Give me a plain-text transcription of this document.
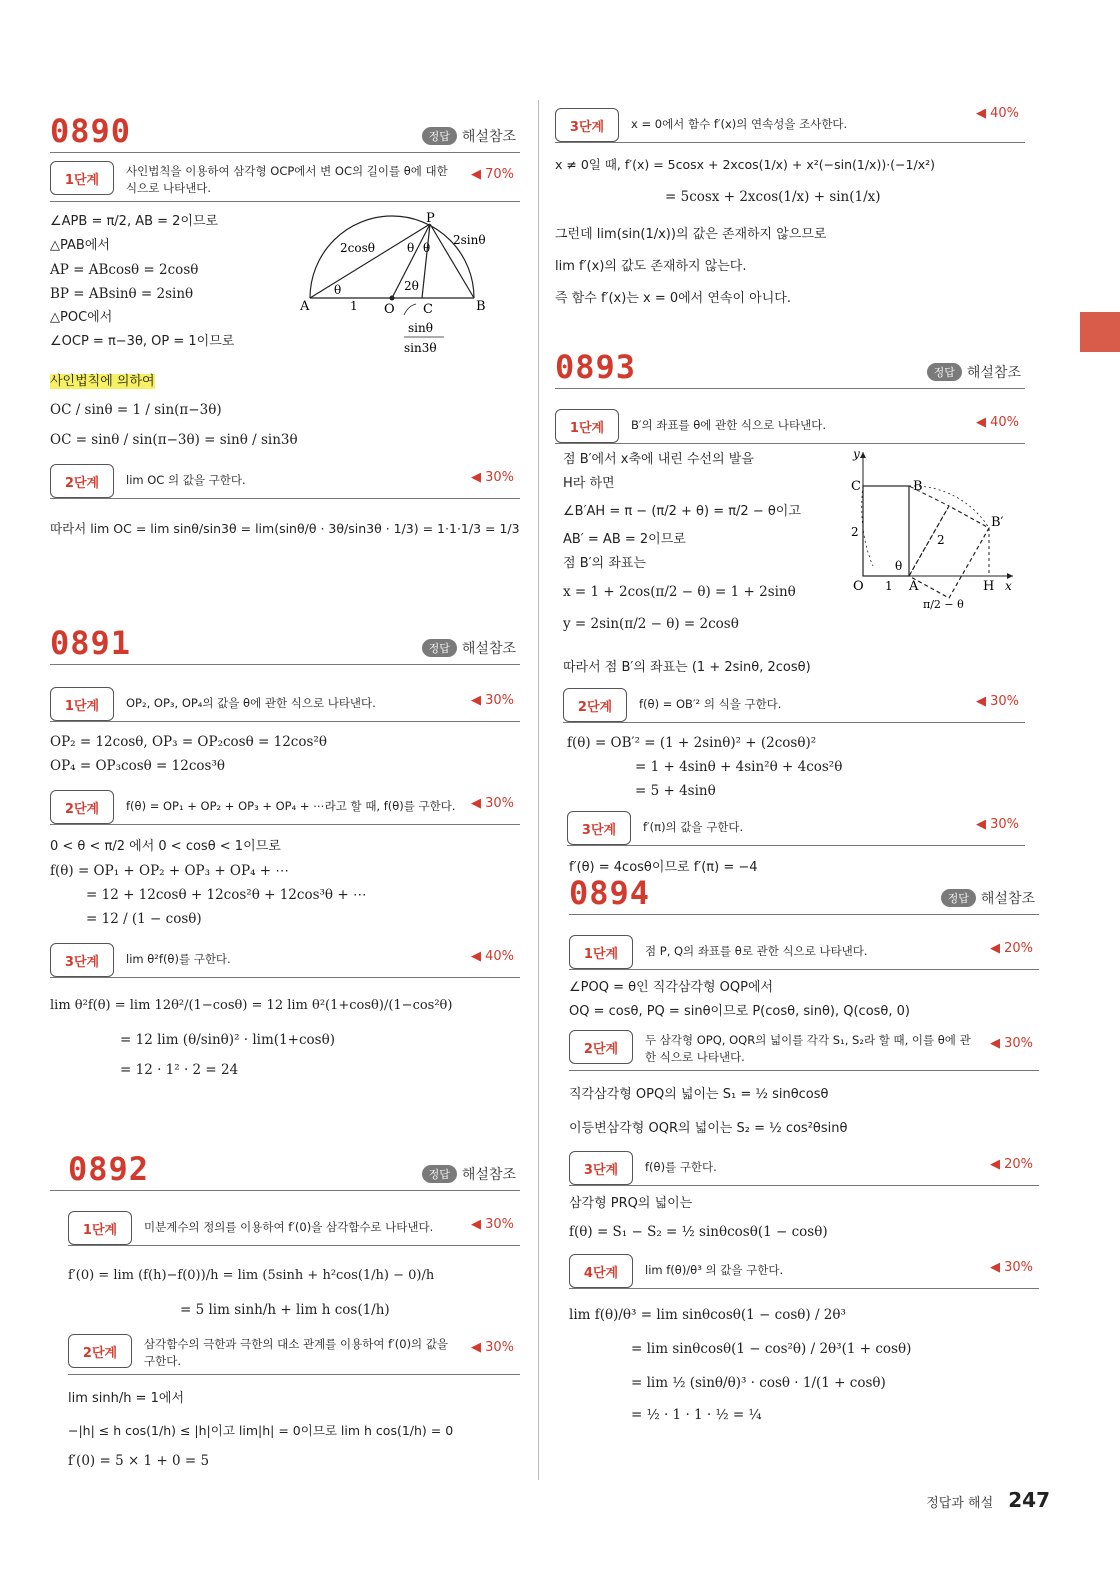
0890	정답 해설참조
1단계
사인법칙을 이용하여 삼각형 OCP에서 변 OC의 길이를 θ에 대한 식으로 나타낸다.
◀ 70%
∠APB = π/2, AB = 2이므로
△PAB에서
AP = ABcosθ = 2cosθ
BP = ABsinθ = 2sinθ
△POC에서
∠OCP = π−3θ, OP = 1이므로
P
A	B
O C
2cosθ
2sinθ
1
θ
θ θ
2θ
sinθ
sin3θ
사인법칙에 의하여
OC / sinθ = 1 / sin(π−3θ)
OC = sinθ / sin(π−3θ) = sinθ / sin3θ
2단계	lim OC 의 값을 구한다.	◀ 30%
따라서 lim OC = lim sinθ/sin3θ = lim(sinθ/θ · 3θ/sin3θ · 1/3) = 1·1·1/3 = 1/3
0891	정답 해설참조
1단계	OP₂, OP₃, OP₄의 값을 θ에 관한 식으로 나타낸다.	◀ 30%
OP₂ = 12cosθ, OP₃ = OP₂cosθ = 12cos²θ
OP₄ = OP₃cosθ = 12cos³θ
2단계	f(θ) = OP₁ + OP₂ + OP₃ + OP₄ + ⋯라고 할 때, f(θ)를 구한다.	◀ 30%
0 < θ < π/2 에서 0 < cosθ < 1이므로
f(θ) = OP₁ + OP₂ + OP₃ + OP₄ + ⋯
= 12 + 12cosθ + 12cos²θ + 12cos³θ + ⋯
= 12 / (1 − cosθ)
3단계	lim θ²f(θ)를 구한다.	◀ 40%
lim θ²f(θ) = lim 12θ²/(1−cosθ) = 12 lim θ²(1+cosθ)/(1−cos²θ)
= 12 lim (θ/sinθ)² · lim(1+cosθ)
= 12 · 1² · 2 = 24
0892	정답 해설참조
1단계	미분계수의 정의를 이용하여 f′(0)을 삼각함수로 나타낸다.	◀ 30%
f′(0) = lim (f(h)−f(0))/h = lim (5sinh + h²cos(1/h) − 0)/h
= 5 lim sinh/h + lim h cos(1/h)
2단계
삼각함수의 극한과 극한의 대소 관계를 이용하여 f′(0)의 값을 구한다.
◀ 30%
lim sinh/h = 1에서
−|h| ≤ h cos(1/h) ≤ |h|이고 lim|h| = 0이므로 lim h cos(1/h) = 0
f′(0) = 5 × 1 + 0 = 5
3단계	x = 0에서 함수 f′(x)의 연속성을 조사한다.
◀ 40%
x ≠ 0일 때, f′(x) = 5cosx + 2xcos(1/x) + x²(−sin(1/x))·(−1/x²)
= 5cosx + 2xcos(1/x) + sin(1/x)
그런데 lim(sin(1/x))의 값은 존재하지 않으므로
lim f′(x)의 값도 존재하지 않는다.
즉 함수 f′(x)는 x = 0에서 연속이 아니다.
0893	정답 해설참조
1단계	B′의 좌표를 θ에 관한 식으로 나타낸다.	◀ 40%
점 B′에서 x축에 내린 수선의 발을
H라 하면
∠B′AH = π − (π/2 + θ) = π/2 − θ이고
AB′ = AB = 2이므로
점 B′의 좌표는
x = 1 + 2cos(π/2 − θ) = 1 + 2sinθ
y = 2sin(π/2 − θ) = 2cosθ
y
x
C	B
B′
O	A	H
1
2
2
θ
π/2 − θ
따라서 점 B′의 좌표는 (1 + 2sinθ, 2cosθ)
2단계	f(θ) = OB′² 의 식을 구한다.	◀ 30%
f(θ) = OB′² = (1 + 2sinθ)² + (2cosθ)²
= 1 + 4sinθ + 4sin²θ + 4cos²θ
= 5 + 4sinθ
3단계	f′(π)의 값을 구한다.	◀ 30%
f′(θ) = 4cosθ이므로 f′(π) = −4
0894	정답 해설참조
1단계	점 P, Q의 좌표를 θ로 관한 식으로 나타낸다.	◀ 20%
∠POQ = θ인 직각삼각형 OQP에서
OQ = cosθ, PQ = sinθ이므로 P(cosθ, sinθ), Q(cosθ, 0)
2단계
두 삼각형 OPQ, OQR의 넓이를 각각 S₁, S₂라 할 때, 이를 θ에 관한 식으로 나타낸다.
◀ 30%
직각삼각형 OPQ의 넓이는 S₁ = ½ sinθcosθ
이등변삼각형 OQR의 넓이는 S₂ = ½ cos²θsinθ
3단계	f(θ)를 구한다.	◀ 20%
삼각형 PRQ의 넓이는
f(θ) = S₁ − S₂ = ½ sinθcosθ(1 − cosθ)
4단계	lim f(θ)/θ³ 의 값을 구한다.	◀ 30%
lim f(θ)/θ³ = lim sinθcosθ(1 − cosθ) / 2θ³
= lim sinθcosθ(1 − cos²θ) / 2θ³(1 + cosθ)
= lim ½ (sinθ/θ)³ · cosθ · 1/(1 + cosθ)
= ½ · 1 · 1 · ½ = ¼
정답과 해설 247
